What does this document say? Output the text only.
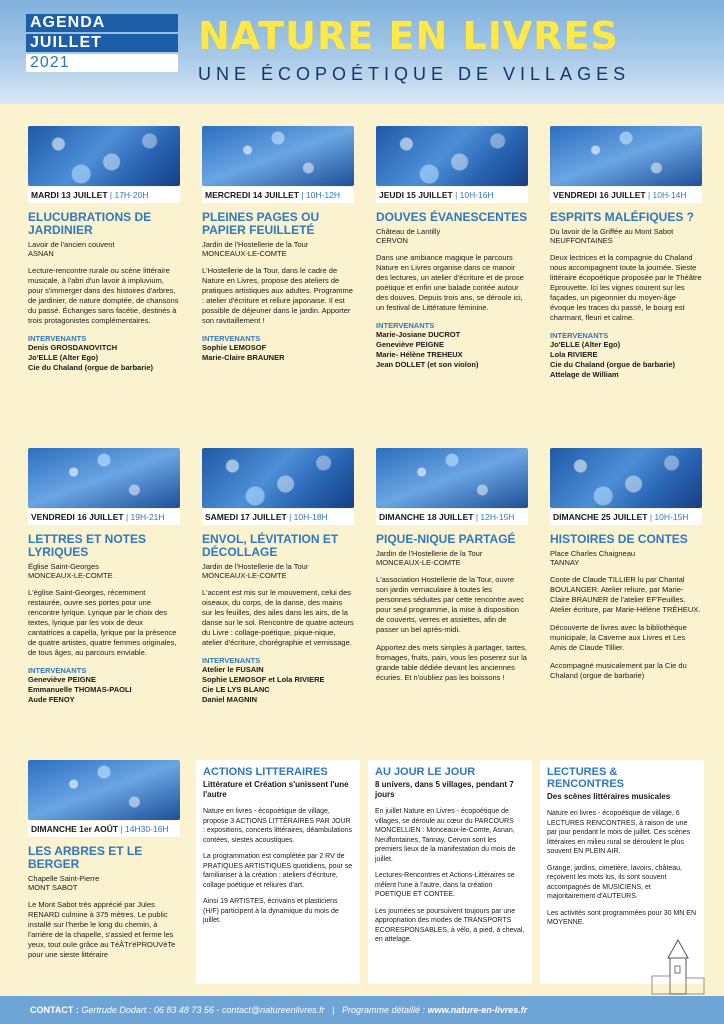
AGENDA
JUILLET
2021
NATURE EN LIVRES
UNE ÉCOPOÉTIQUE DE VILLAGES
MARDI 13 JUILLET | 17H-20H
ELUCUBRATIONS DE JARDINIER
Lavoir de l'ancien couvent
ASNAN
Lecture-rencontre rurale ou scène littéraire musicale, à l'abri d'un lavoir à impluvium, pour s'immerger dans des histoires d'arbres, de jardinier, de nature domptée, de chansons du passé. Échanges sans facétie, destinés à trois protagonistes complémentaires.
INTERVENANTS
Denis GROSDANOVITCH
Jo'ELLE (Alter Ego)
Cie du Chaland (orgue de barbarie)
MERCREDI 14 JUILLET | 10H-12H
PLEINES PAGES OU PAPIER FEUILLETÉ
Jardin de l'Hostellerie de la Tour
MONCEAUX-LE-COMTE
L'Hostellerie de la Tour, dans le cadre de Nature en Livres, propose des ateliers de pratiques artistiques aux adultes. Programme : atelier d'écriture et reliure japonaise. Il est possible de déjeuner dans le jardin. Apporter son ravitaillement !
INTERVENANTS
Sophie LEMOSOF
Marie-Claire BRAUNER
JEUDI 15 JUILLET | 10H-16H
DOUVES ÉVANESCENTES
Château de Lantilly
CERVON
Dans une ambiance magique le parcours Nature en Livres organise dans ce manoir des lectures, un atelier d'écriture et de prose poétique et enfin une balade contée autour des douves. Depuis trois ans, se déroule ici, un festival de Littérature féminine.
INTERVENANTS
Marie-Josiane DUCROT
Geneviève PEIGNE
Marie- Hélène TREHEUX
Jean DOLLET (et son violon)
VENDREDI 16 JUILLET | 10H-14H
ESPRITS MALÉFIQUES ?
Du lavoir de la Griffée au Mont Sabot
NEUFFONTAINES
Deux lectrices et la compagnie du Chaland nous accompagnent toute la journée. Sieste littéraire écopoétique proposée par le Théâtre Eprouvette. Ici les vignes courent sur les façades, un pigeonnier du moyen-âge évoque les traces du passé, le bourg est charmant, fleuri et calme.
INTERVENANTS
Jo'ELLE (Alter Ego)
Lola RIVIERE
Cie du Chaland (orgue de barbarie)
Attelage de William
VENDREDI 16 JUILLET | 19H-21H
LETTRES ET NOTES LYRIQUES
Église Saint-Georges
MONCEAUX-LE-COMTE
L'église Saint-Georges, récemment restaurée, ouvre ses portes pour une rencontre lyrique. Lyrique par le choix des textes, lyrique par les voix de deux cantatrices a capella, lyrique par la présence de quatre artistes, quatre femmes originales, de tous âges, au parcours enviable.
INTERVENANTS
Geneviève PEIGNE
Emmanuelle THOMAS-PAOLI
Aude FENOY
SAMEDI 17 JUILLET | 10H-18H
ENVOL, LÉVITATION ET DÉCOLLAGE
Jardin de l'Hostellerie de la Tour
MONCEAUX-LE-COMTE
L'accent est mis sur le mouvement, celui des oiseaux, du corps, de la danse, des mains sur les feuilles, des ailes dans les airs, de la danse sur le sol. Rencontre de quatre acteurs du Livre : collage-poétique, pique-nique, atelier d'écriture, chorégraphie et vernissage.
INTERVENANTS
Atelier le FUSAIN
Sophie LEMOSOF et Lola RIVIERE
Cie LE LYS BLANC
Daniel MAGNIN
DIMANCHE 18 JUILLET | 12H-15H
PIQUE-NIQUE PARTAGÉ
Jardin de l'Hostellerie de la Tour
MONCEAUX-LE-COMTE
L'association Hostellerie de la Tour, ouvre son jardin vernaculaire à toutes les personnes séduites par cette rencontre avec pour seul programme, la mise à disposition de couverts, verres et assiettes, afin de passer un bel après-midi.
Apportez des mets simples à partager, tartes, fromages, fruits, pain, vous les poserez sur la grande table dédiée devant les anciennes écuries. Et n'oubliez pas les boissons !
DIMANCHE 25 JUILLET | 10H-15H
HISTOIRES DE CONTES
Place Charles Chaigneau
TANNAY
Conte de Claude TILLIER lu par Chantal BOULANGER. Atelier reliure, par Marie-Claire BRAUNER de l'atelier EF'Feuilles. Atelier écriture, par Marie-Hélène TRÉHEUX.
Découverte de livres avec la bibliothèque municipale, la Caverne aux Livres et Les Amis de Claude Tillier.
Accompagné musicalement par la Cie du Chaland (orgue de barbarie)
DIMANCHE 1er AOÛT | 14H30-16H
LES ARBRES ET LE BERGER
Chapelle Saint-Pierre
MONT SABOT
Le Mont Sabot très apprécié par Jules RENARD culmine à 375 mètres. Le public installé sur l'herbe le long du chemin, à l'arrière de la chapelle, s'assied et ferme les yeux, tout ouïe grâce au TéÂTr'éPROUVèTe pour une sieste littéraire
ACTIONS LITTERAIRES
Littérature et Création s'unissent l'une l'autre
Nature en livres - écopoétique de village, propose 3 ACTIONS LITTÉRAIRES PAR JOUR : expositions, concerts littéraires, déambulations contées, siestes acoustiques.
La programmation est complétée par 2 RV de PRATIQUES ARTISTIQUES quotidiens, pour se familiariser à la création : ateliers d'écriture, collage poétique et reliures d'art.
Ainsi 19 ARTISTES, écrivains et plasticiens (H/F) participent à la dynamique du mois de juillet.
AU JOUR LE JOUR
8 univers, dans 5 villages, pendant 7 jours
En juillet Nature en Livres - écopoétique de villages, se déroule au cœur du PARCOURS MONCELLIEN : Monceaux-le-Comte, Asnan, Neuffontaines, Tannay, Cervon sont les premiers lieux de la manifestation du mois de juillet.
Lectures-Rencontres et Actions-Littéraires se mêlent l'une à l'autre, dans la création POETIQUE ET CONTEE.
Les journées se poursuivent toujours par une appropriation des modes de TRANSPORTS ECORESPONSABLES, à vélo, à pied, à cheval, en attelage.
LECTURES & RENCONTRES
Des scènes littéraires musicales
Nature en livres - écopoétique de village, 6 LECTURES RENCONTRES, à raison de une par jour pendant le mois de juillet. Ces scènes littéraires en milieu rural se déroulent le plus souvent EN PLEIN AIR.
Grange, jardins, cimetière, lavoirs, château, reçoivent les mots lus, ils sont souvent accompagnés de MUSICIENS, et majoritairement d'AUTEURS.
Les activités sont programmées pour 30 MN EN MOYENNE.
CONTACT : Gertrude Dodart : 06 83 48 73 56 - contact@natureenlivres.fr | Programme détaillé : www.nature-en-livres.fr
